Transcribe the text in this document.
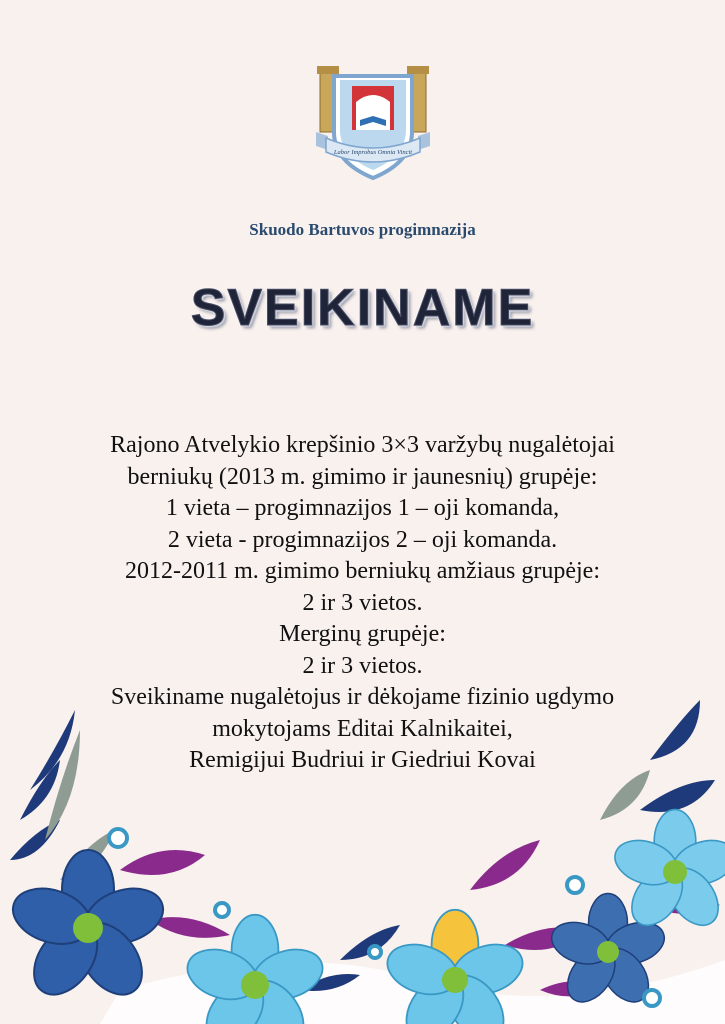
Labor Improbus Omnia Vincit

Skuodo Bartuvos progimnazija

SVEIKINAME

Rajono Atvelykio krepšinio 3×3 varžybų nugalėtojai
berniukų (2013 m. gimimo ir jaunesnių) grupėje:
1 vieta – progimnazijos 1 – oji komanda,
2 vieta - progimnazijos 2 – oji komanda.
2012-2011 m. gimimo berniukų amžiaus grupėje:
2 ir 3 vietos.
Merginų grupėje:
2 ir 3 vietos.
Sveikiname nugalėtojus ir dėkojame fizinio ugdymo
mokytojams Editai Kalnikaitei,
Remigijui Budriui ir Giedriui Kovai
